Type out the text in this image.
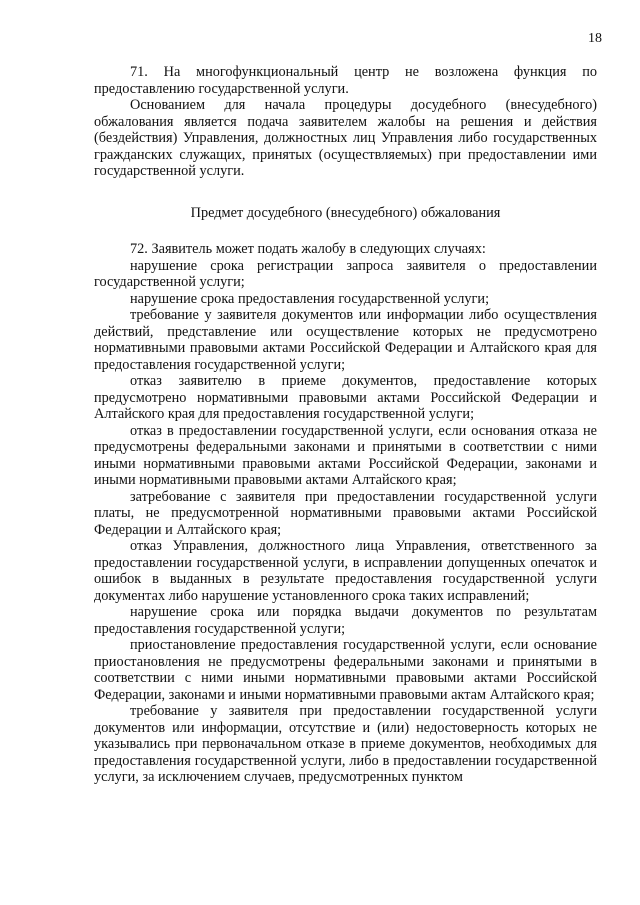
18

71. На многофункциональный центр не возложена функция по предоставлению государственной услуги.

Основанием для начала процедуры досудебного (внесудебного) обжалования является подача заявителем жалобы на решения и действия (бездействия) Управления, должностных лиц Управления либо государственных гражданских служащих, принятых (осуществляемых) при предоставлении ими государственной услуги.

Предмет досудебного (внесудебного) обжалования

72. Заявитель может подать жалобу в следующих случаях:

нарушение срока регистрации запроса заявителя о предоставлении государственной услуги;

нарушение срока предоставления государственной услуги;

требование у заявителя документов или информации либо осуществления действий, представление или осуществление которых не предусмотрено нормативными правовыми актами Российской Федерации и Алтайского края для предоставления государственной услуги;

отказ заявителю в приеме документов, предоставление которых предусмотрено нормативными правовыми актами Российской Федерации и Алтайского края для предоставления государственной услуги;

отказ в предоставлении государственной услуги, если основания отказа не предусмотрены федеральными законами и принятыми в соответствии с ними иными нормативными правовыми актами Российской Федерации, законами и иными нормативными правовыми актами Алтайского края;

затребование с заявителя при предоставлении государственной услуги платы, не предусмотренной нормативными правовыми актами Российской Федерации и Алтайского края;

отказ Управления, должностного лица Управления, ответственного за предоставлении государственной услуги, в исправлении допущенных опечаток и ошибок в выданных в результате предоставления государственной услуги документах либо нарушение установленного срока таких исправлений;

нарушение срока или порядка выдачи документов по результатам предоставления государственной услуги;

приостановление предоставления государственной услуги, если основание приостановления не предусмотрены федеральными законами и принятыми в соответствии с ними иными нормативными правовыми актами Российской Федерации, законами и иными нормативными правовыми актам Алтайского края;

требование у заявителя при предоставлении государственной услуги документов или информации, отсутствие и (или) недостоверность которых не указывались при первоначальном отказе в приеме документов, необходимых для предоставления государственной услуги, либо в предоставлении государственной услуги, за исключением случаев, предусмотренных пунктом
